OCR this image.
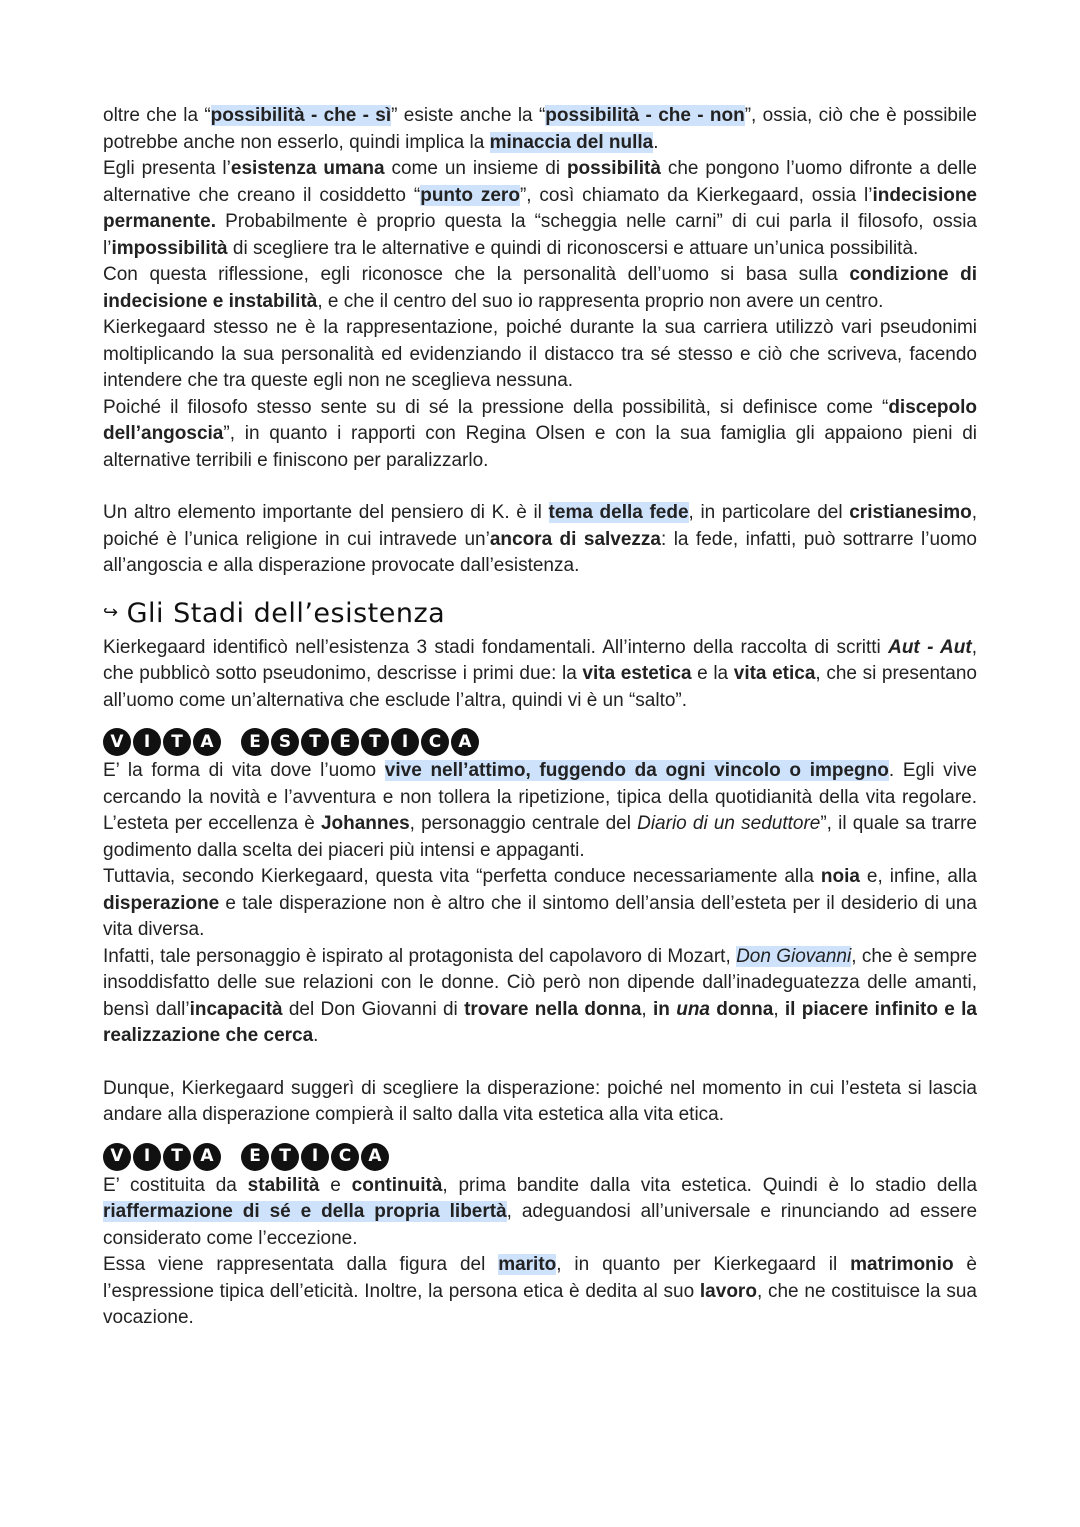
oltre che la “possibilità - che - sì” esiste anche la “possibilità - che - non”, ossia, ciò che è possibile potrebbe anche non esserlo, quindi implica la minaccia del nulla.

Egli presenta l’esistenza umana come un insieme di possibilità che pongono l’uomo difronte a delle alternative che creano il cosiddetto “punto zero”, così chiamato da Kierkegaard, ossia l’indecisione permanente. Probabilmente è proprio questa la “scheggia nelle carni” di cui parla il filosofo, ossia l’impossibilità di scegliere tra le alternative e quindi di riconoscersi e attuare un’unica possibilità.

Con questa riflessione, egli riconosce che la personalità dell’uomo si basa sulla condizione di indecisione e instabilità, e che il centro del suo io rappresenta proprio non avere un centro.

Kierkegaard stesso ne è la rappresentazione, poiché durante la sua carriera utilizzò vari pseudonimi moltiplicando la sua personalità ed evidenziando il distacco tra sé stesso e ciò che scriveva, facendo intendere che tra queste egli non ne sceglieva nessuna.

Poiché il filosofo stesso sente su di sé la pressione della possibilità, si definisce come “discepolo dell’angoscia”, in quanto i rapporti con Regina Olsen e con la sua famiglia gli appaiono pieni di alternative terribili e finiscono per paralizzarlo.

Un altro elemento importante del pensiero di K. è il tema della fede, in particolare del cristianesimo, poiché è l’unica religione in cui intravede un’ancora di salvezza: la fede, infatti, può sottrarre l’uomo all’angoscia e alla disperazione provocate dall’esistenza.

↪ Gli Stadi dell’esistenza

Kierkegaard identificò nell’esistenza 3 stadi fondamentali. All’interno della raccolta di scritti Aut - Aut, che pubblicò sotto pseudonimo, descrisse i primi due: la vita estetica e la vita etica, che si presentano all’uomo come un’alternativa che esclude l’altra, quindi vi è un “salto”.

V	I	T	A	E	S	T	E	T	I	C	A

E’ la forma di vita dove l’uomo vive nell’attimo, fuggendo da ogni vincolo o impegno. Egli vive cercando la novità e l’avventura e non tollera la ripetizione, tipica della quotidianità della vita regolare. L’esteta per eccellenza è Johannes, personaggio centrale del Diario di un seduttore”, il quale sa trarre godimento dalla scelta dei piaceri più intensi e appaganti.

Tuttavia, secondo Kierkegaard, questa vita “perfetta conduce necessariamente alla noia e, infine, alla disperazione e tale disperazione non è altro che il sintomo dell’ansia dell’esteta per il desiderio di una vita diversa.

Infatti, tale personaggio è ispirato al protagonista del capolavoro di Mozart, Don Giovanni, che è sempre insoddisfatto delle sue relazioni con le donne. Ciò però non dipende dall’inadeguatezza delle amanti, bensì dall’incapacità del Don Giovanni di trovare nella donna, in una donna, il piacere infinito e la realizzazione che cerca.

Dunque, Kierkegaard suggerì di scegliere la disperazione: poiché nel momento in cui l’esteta si lascia andare alla disperazione compierà il salto dalla vita estetica alla vita etica.

V	I	T	A	E	T	I	C	A

E’ costituita da stabilità e continuità, prima bandite dalla vita estetica. Quindi è lo stadio della riaffermazione di sé e della propria libertà, adeguandosi all’universale e rinunciando ad essere considerato come l’eccezione.

Essa viene rappresentata dalla figura del marito, in quanto per Kierkegaard il matrimonio è l’espressione tipica dell’eticità. Inoltre, la persona etica è dedita al suo lavoro, che ne costituisce la sua vocazione.
